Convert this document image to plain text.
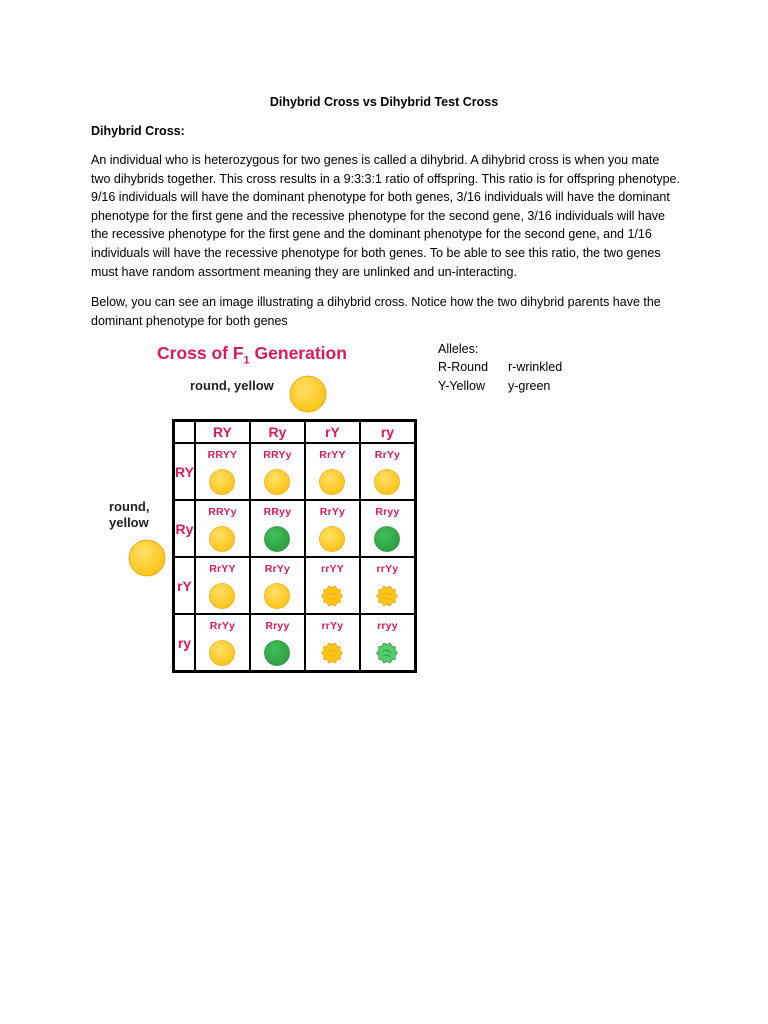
Dihybrid Cross vs Dihybrid Test Cross
Dihybrid Cross:
An individual who is heterozygous for two genes is called a dihybrid. A dihybrid cross is when you mate two dihybrids together. This cross results in a 9:3:3:1 ratio of offspring. This ratio is for offspring phenotype. 9/16 individuals will have the dominant phenotype for both genes, 3/16 individuals will have the dominant phenotype for the first gene and the recessive phenotype for the second gene, 3/16 individuals will have the recessive phenotype for the first gene and the dominant phenotype for the second gene, and 1/16 individuals will have the recessive phenotype for both genes. To be able to see this ratio, the two genes must have random assortment meaning they are unlinked and un-interacting.
Below, you can see an image illustrating a dihybrid cross. Notice how the two dihybrid parents have the dominant phenotype for both genes
Cross of $F_1$ Generation
round, yellow
round, yellow
	RY	Ry	rY	ry
RY	RRYY	RRYy	RrYY	RrYy

Ry	RRYy	RRyy	RrYy	Rryy

rY	RrYY	RrYy	rrYY	rrYy

ry	RrYy	Rryy	rrYy	rryy
Alleles:
R-Round	r-wrinkled
Y-Yellow	y-green
